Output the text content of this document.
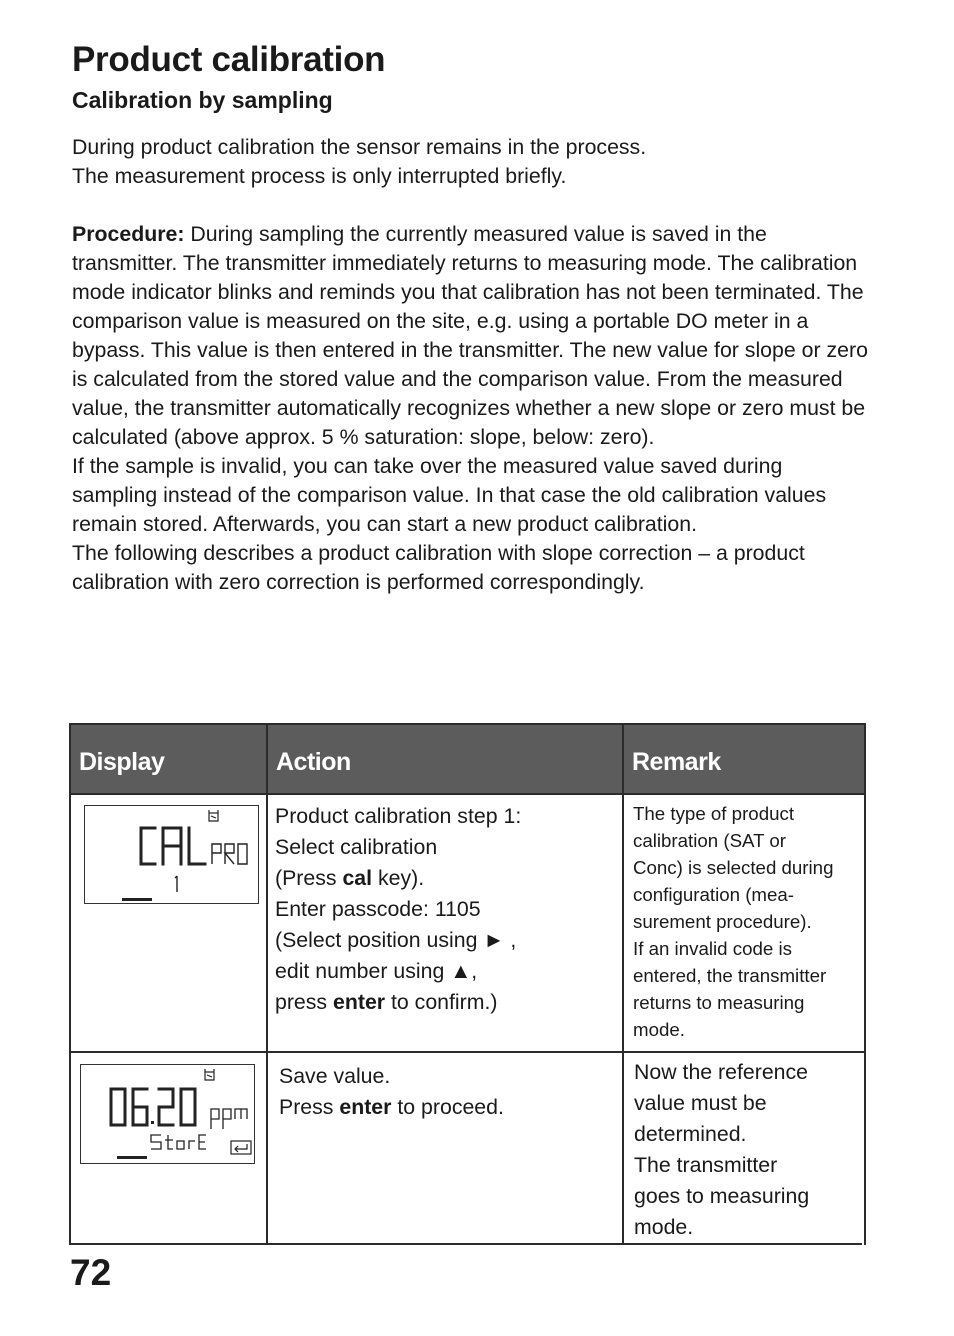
Product calibration
Calibration by sampling

During product calibration the sensor remains in the process.

The measurement process is only interrupted briefly.

Procedure: During sampling the currently measured value is saved in the transmitter. The transmitter immediately returns to measuring mode. The calibration mode indicator blinks and reminds you that calibration has not been terminated. The comparison value is measured on the site, e.g. using a portable DO meter in a bypass. This value is then entered in the transmitter. The new value for slope or zero is calculated from the stored value and the comparison value. From the measured value, the transmitter automatically recognizes whether a new slope or zero must be calculated (above approx. 5 % saturation: slope, below: zero).

If the sample is invalid, you can take over the measured value saved during sampling instead of the comparison value. In that case the old calibration values remain stored. Afterwards, you can start a new product calibration.

The following describes a product calibration with slope correction – a product calibration with zero correction is performed correspondingly.

Display	Action	Remark
Product calibration step 1:
Select calibration
(Press cal key).
Enter passcode: 1105
(Select position using ► ,
edit number using ▲,
press enter to confirm.)
The type of product
calibration (SAT or
Conc) is selected during
configuration (mea-
surement procedure).
If an invalid code is
entered, the transmitter
returns to measuring
mode.
Save value.
Press enter to proceed.
Now the reference
value must be
determined.
The transmitter
goes to measuring
mode.
72
